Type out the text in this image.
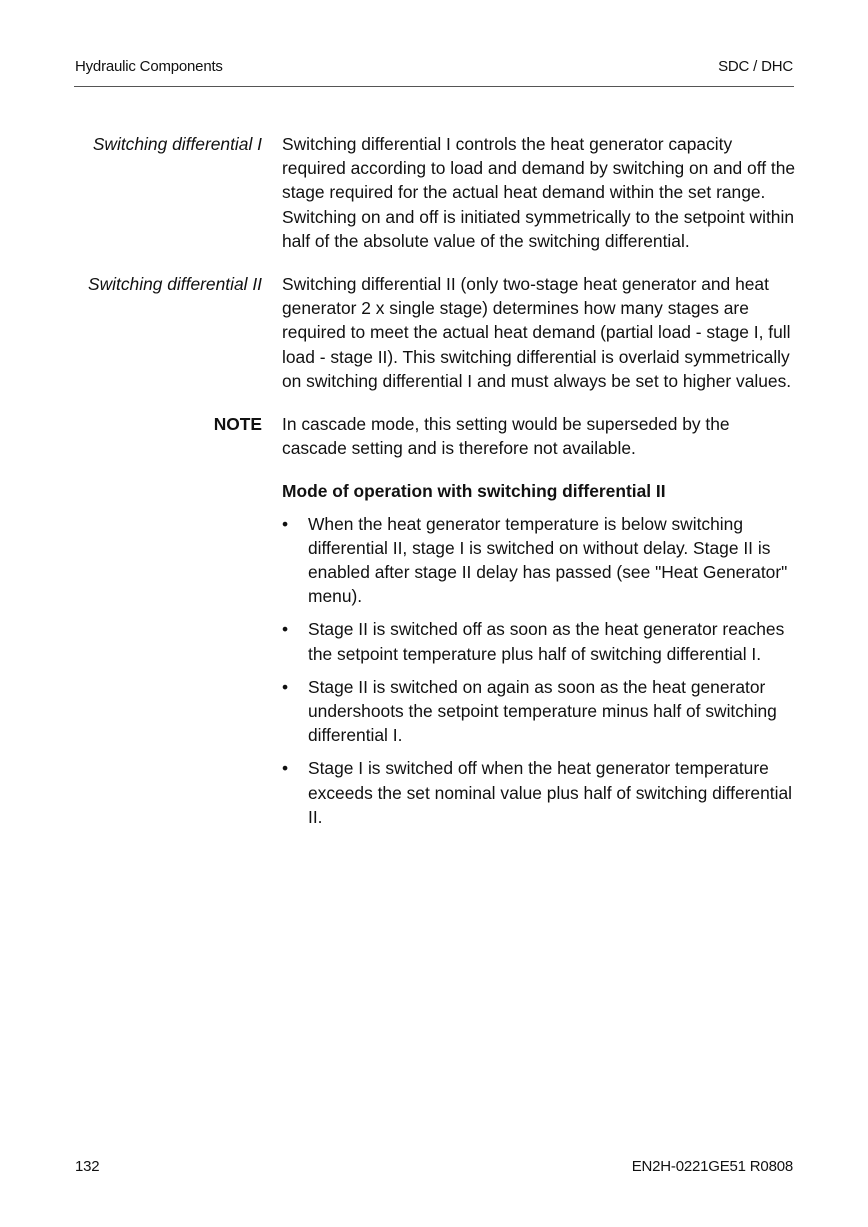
Hydraulic Components	SDC / DHC
Switching differential I Switching differential I controls the heat generator capacity required according to load and demand by switching on and off the stage required for the actual heat demand within the set range. Switching on and off is initiated symmetrically to the setpoint within half of the absolute value of the switching differential.

Switching differential II Switching differential II (only two-stage heat generator and heat generator 2 x single stage) determines how many stages are required to meet the actual heat demand (partial load - stage I, full load - stage II). This switching differential is overlaid symmetrically on switching differential I and must always be set to higher values.

NOTE In cascade mode, this setting would be superseded by the cascade setting and is therefore not available.

Mode of operation with switching differential II

• When the heat generator temperature is below switching differential II, stage I is switched on without delay. Stage II is enabled after stage II delay has passed (see "Heat Generator" menu).
• Stage II is switched off as soon as the heat generator reaches the setpoint temperature plus half of switching differential I.
• Stage II is switched on again as soon as the heat generator undershoots the setpoint temperature minus half of switching differential I.
• Stage I is switched off when the heat generator temperature exceeds the set nominal value plus half of switching differential II.
132	EN2H-0221GE51 R0808
